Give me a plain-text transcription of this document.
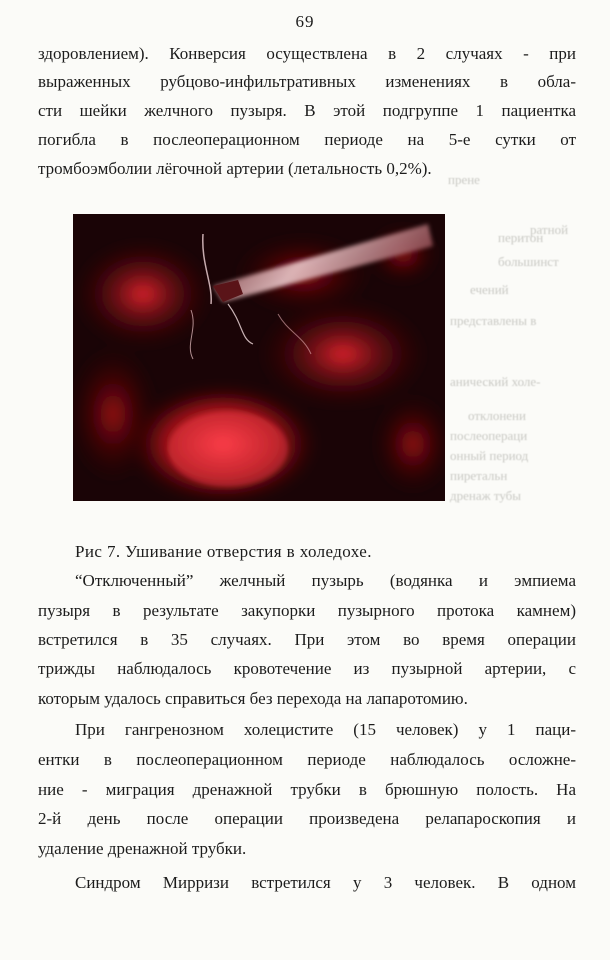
прене
ратной
перитон
большинст
ечений
представлены в
анический холе-
отклонени
послеопераци
онный период
пиретальн
дренаж тубы
69
здоровлением). Конверсия осуществлена в 2 случаях - при
выраженных рубцово-инфильтративных изменениях в обла-
сти шейки желчного пузыря. В этой подгруппе 1 пациентка
погибла в послеоперационном периоде на 5-е сутки от
тромбоэмболии лёгочной артерии (летальность 0,2%).
Рис 7. Ушивание отверстия в холедохе.
“Отключенный” желчный пузырь (водянка и эмпиема
пузыря в результате закупорки пузырного протока камнем)
встретился в 35 случаях. При этом во время операции
трижды наблюдалось кровотечение из пузырной артерии, с
которым удалось справиться без перехода на лапаротомию.
При гангренозном холецистите (15 человек) у 1 паци-
ентки в послеоперационном периоде наблюдалось осложне-
ние - миграция дренажной трубки в брюшную полость. На
2-й день после операции произведена релапароскопия и
удаление дренажной трубки.
Синдром Мирризи встретился у 3 человек. В одном
